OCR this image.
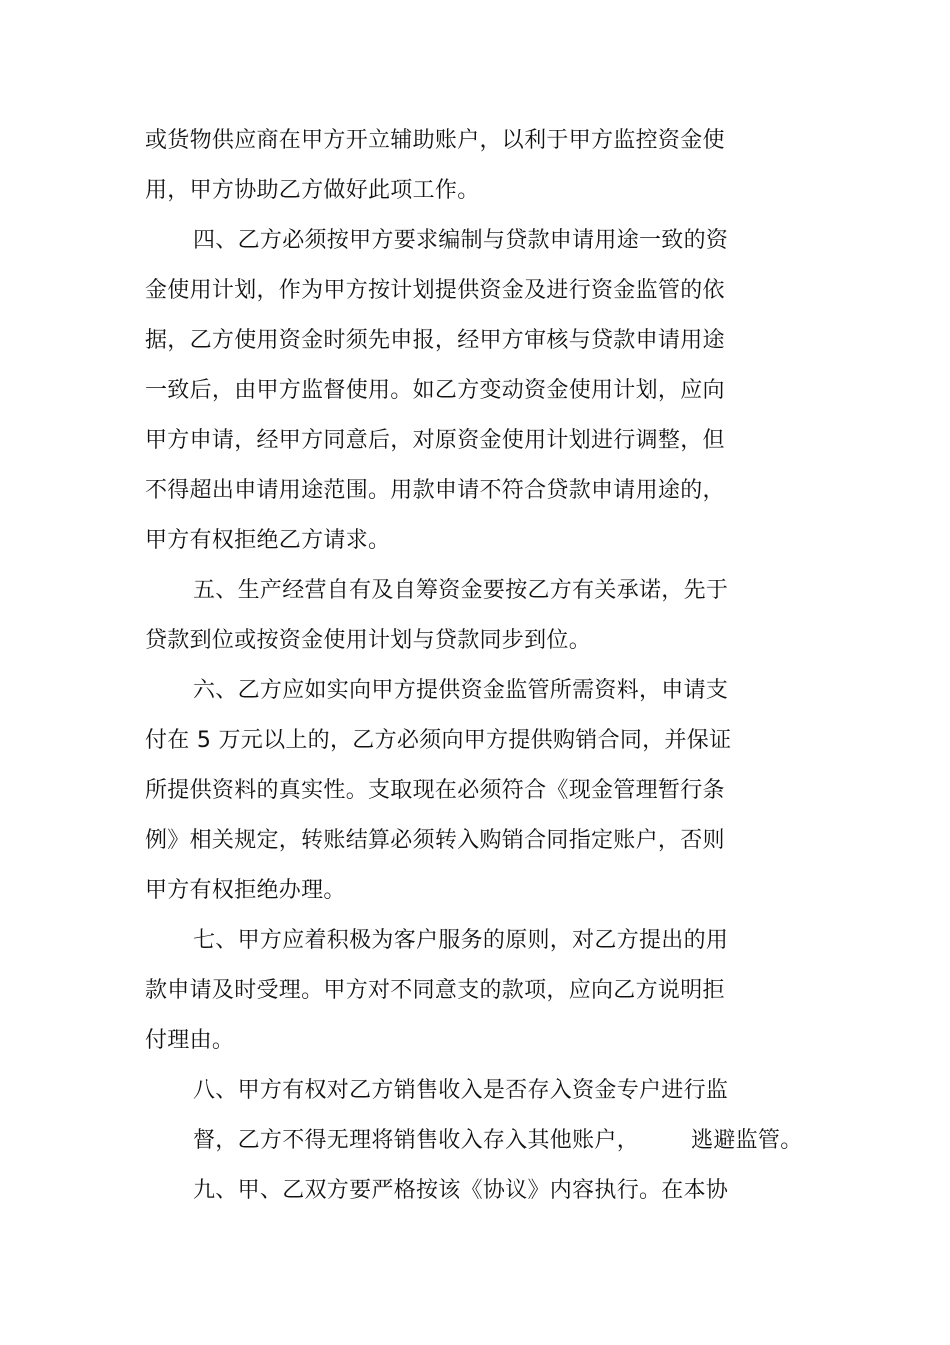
或货物供应商在甲方开立辅助账户，以利于甲方监控资金使
用，甲方协助乙方做好此项工作。
四、乙方必须按甲方要求编制与贷款申请用途一致的资
金使用计划，作为甲方按计划提供资金及进行资金监管的依
据，乙方使用资金时须先申报，经甲方审核与贷款申请用途
一致后，由甲方监督使用。如乙方变动资金使用计划，应向
甲方申请，经甲方同意后，对原资金使用计划进行调整，但
不得超出申请用途范围。用款申请不符合贷款申请用途的，
甲方有权拒绝乙方请求。
五、生产经营自有及自筹资金要按乙方有关承诺，先于
贷款到位或按资金使用计划与贷款同步到位。
六、乙方应如实向甲方提供资金监管所需资料，申请支
付在 5 万元以上的，乙方必须向甲方提供购销合同，并保证
所提供资料的真实性。支取现在必须符合《现金管理暂行条
例》相关规定，转账结算必须转入购销合同指定账户，否则
甲方有权拒绝办理。
七、甲方应着积极为客户服务的原则，对乙方提出的用
款申请及时受理。甲方对不同意支的款项，应向乙方说明拒
付理由。
八、甲方有权对乙方销售收入是否存入资金专户进行监
督，乙方不得无理将销售收入存入其他账户， 逃避监管。
九、甲、乙双方要严格按该《协议》内容执行。在本协
